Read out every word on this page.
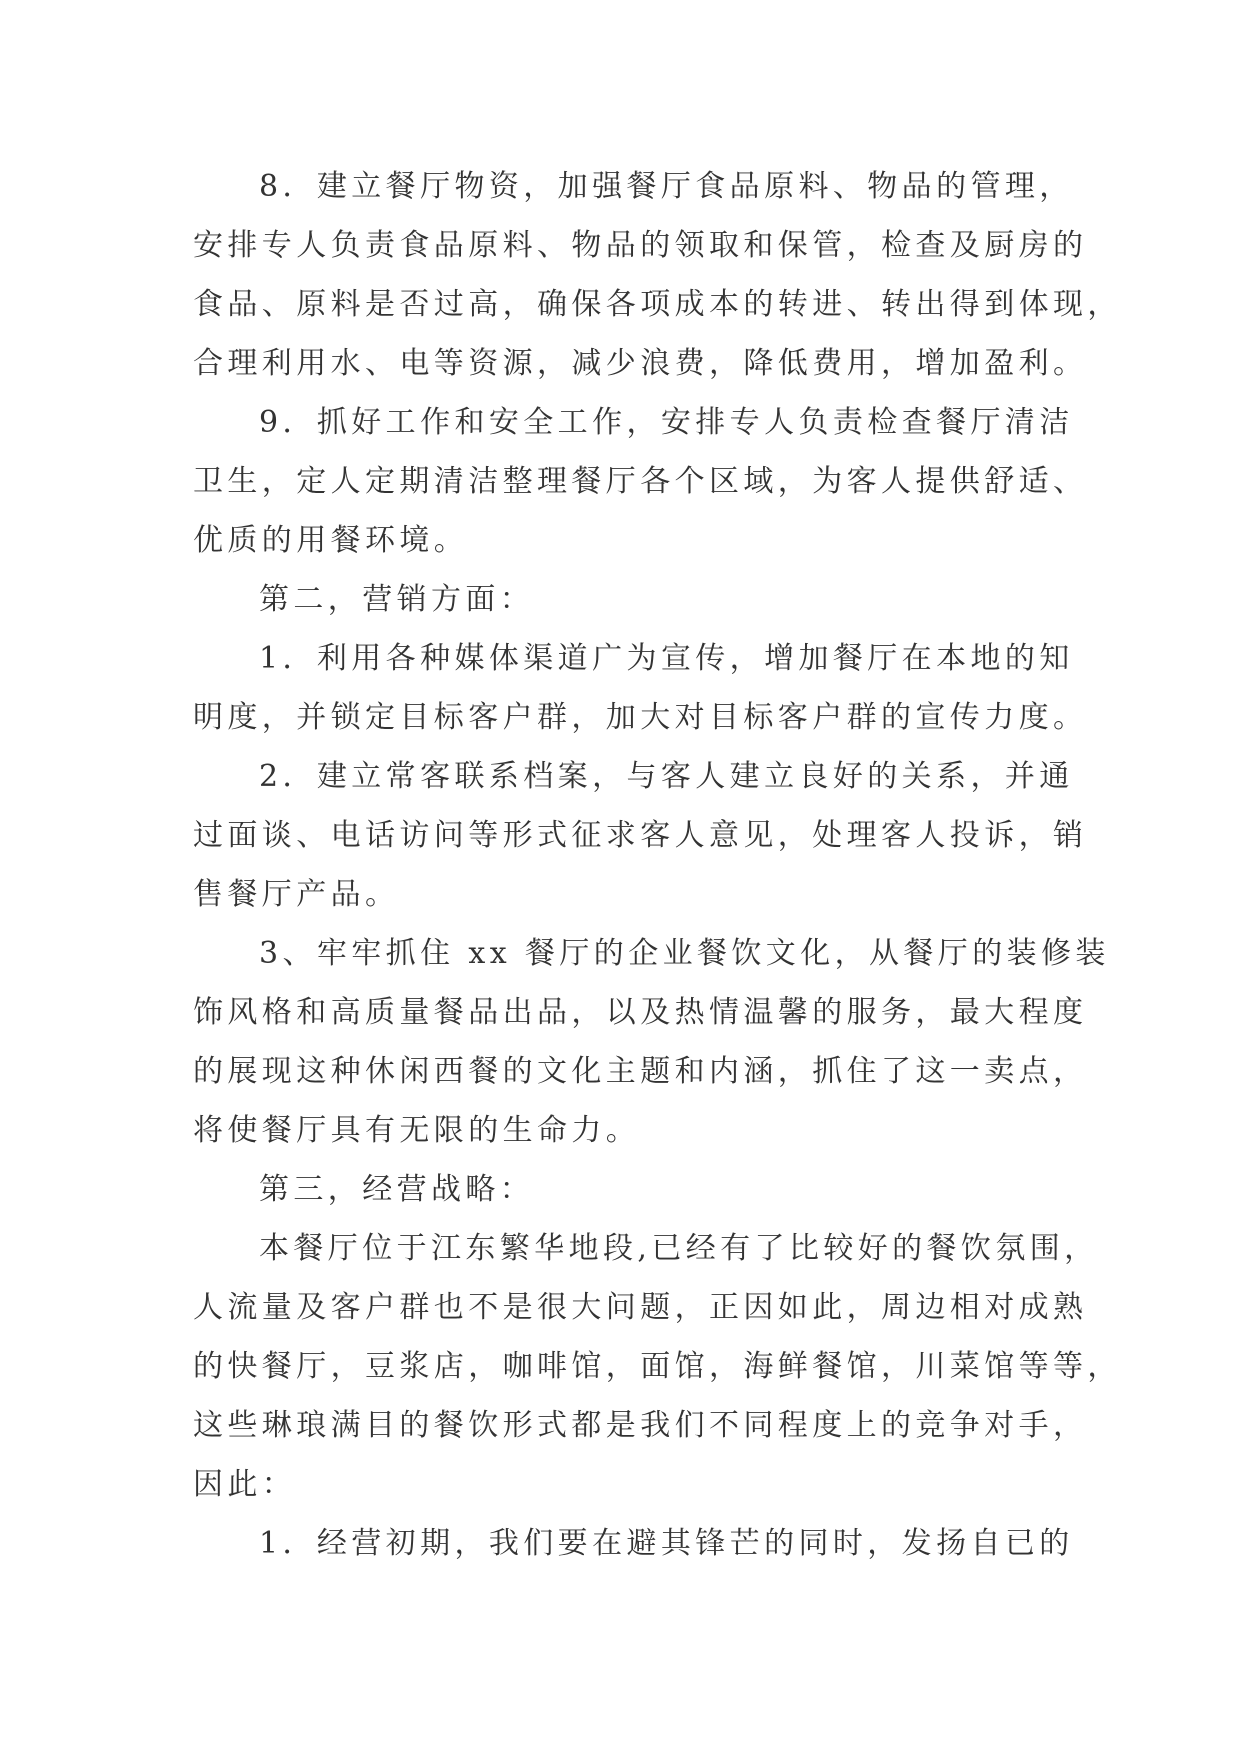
8．建立餐厅物资，加强餐厅食品原料、物品的管理，
安排专人负责食品原料、物品的领取和保管，检查及厨房的
食品、原料是否过高，确保各项成本的转进、转出得到体现，
合理利用水、电等资源，减少浪费，降低费用，增加盈利。
9．抓好工作和安全工作，安排专人负责检查餐厅清洁
卫生，定人定期清洁整理餐厅各个区域，为客人提供舒适、
优质的用餐环境。
第二，营销方面：
1．利用各种媒体渠道广为宣传，增加餐厅在本地的知
明度，并锁定目标客户群，加大对目标客户群的宣传力度。
2．建立常客联系档案，与客人建立良好的关系，并通
过面谈、电话访问等形式征求客人意见，处理客人投诉，销
售餐厅产品。
3、牢牢抓住 xx 餐厅的企业餐饮文化，从餐厅的装修装
饰风格和高质量餐品出品，以及热情温馨的服务，最大程度
的展现这种休闲西餐的文化主题和内涵，抓住了这一卖点，
将使餐厅具有无限的生命力。
第三，经营战略：
本餐厅位于江东繁华地段,已经有了比较好的餐饮氛围，
人流量及客户群也不是很大问题，正因如此，周边相对成熟
的快餐厅，豆浆店，咖啡馆，面馆，海鲜餐馆，川菜馆等等，
这些琳琅满目的餐饮形式都是我们不同程度上的竞争对手，
因此：
1．经营初期，我们要在避其锋芒的同时，发扬自已的
